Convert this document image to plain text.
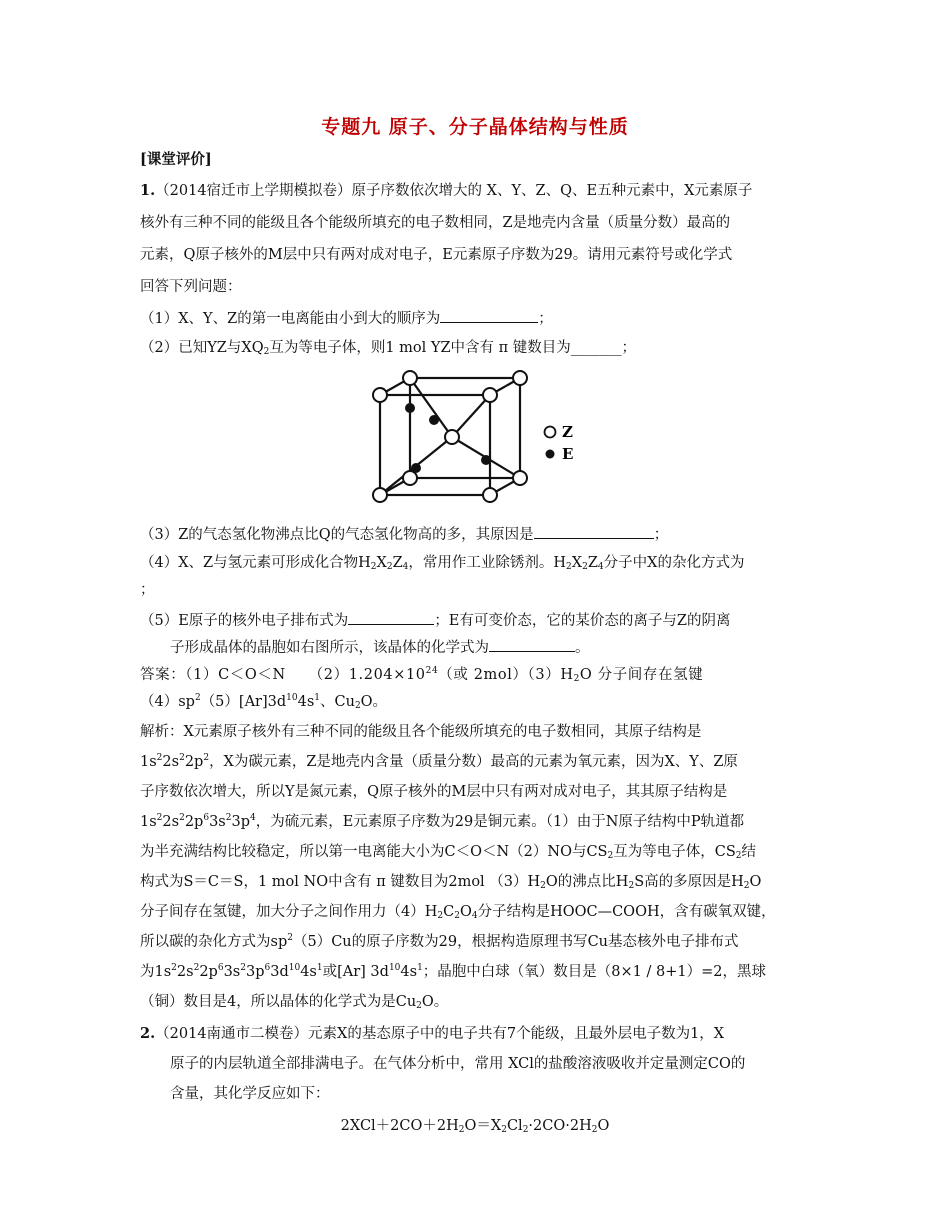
专题九 原子、分子晶体结构与性质
[课堂评价]
1.（2014宿迁市上学期模拟卷）原子序数依次增大的 X、Y、Z、Q、E五种元素中，X元素原子
核外有三种不同的能级且各个能级所填充的电子数相同，Z是地壳内含量（质量分数）最高的
元素，Q原子核外的M层中只有两对成对电子，E元素原子序数为29。请用元素符号或化学式
回答下列问题：
（1）X、Y、Z的第一电离能由小到大的顺序为	；
（2）已知YZ与$XQ_2$互为等电子体，则1 mol YZ中含有 π 键数目为_______；
Z
E
（3）Z的气态氢化物沸点比Q的气态氢化物高的多，其原因是	；
（4）X、Z与氢元素可形成化合物$H_2X_2Z_4$，常用作工业除锈剂。$H_2X_2Z_4$分子中X的杂化方式为
；
（5）E原子的核外电子排布式为	；E有可变价态，它的某价态的离子与Z的阴离
子形成晶体的晶胞如右图所示，该晶体的化学式为	。
答案：（1）C＜O＜N　　$(2)1.204\times 10^{24}$（或 $2mol)(3)H_2O$ 分子间存在氢键
$(4)sp^2(5)[Ar]3d^{10}4s^1$、$Cu_2O$。
解析：X元素原子核外有三种不同的能级且各个能级所填充的电子数相同，其原子结构是
$1s^22s^22p^2$，X为碳元素，Z是地壳内含量（质量分数）最高的元素为氧元素，因为X、Y、Z原
子序数依次增大，所以Y是氮元素，Q原子核外的M层中只有两对成对电子，其其原子结构是
$1s^22s^22p^63s^23p^4$，为硫元素，E元素原子序数为29是铜元素。（1）由于N原子结构中P轨道都
为半充满结构比较稳定，所以第一电离能大小为C＜O＜N（2）NO与$CS_2$互为等电子体，$CS_2$结
构式为S＝C＝S，1 mol NO中含有 π 键数目为2mol $(3)H_2O$的沸点比$H_2S$高的多原因是$H_2O$
分子间存在氢键，加大分子之间作用力$(4)H_2C_2O_4$分子结构是HOOC—COOH，含有碳氧双键，
所以碳的杂化方式为$sp^2(5)Cu$的原子序数为29，根据构造原理书写Cu基态核外电子排布式
为$1s^22s^22p^63s^23p^63d^{10}4s^1$或[Ar] $3d^{10}4s^1$；晶胞中白球（氧）数目是（8×1 / 8+1）=2，黑球
（铜）数目是4，所以晶体的化学式为是$Cu_2O$。
2.（2014南通市二模卷）元素X的基态原子中的电子共有7个能级，且最外层电子数为1，X
原子的内层轨道全部排满电子。在气体分析中，常用 XCl的盐酸溶液吸收并定量测定CO的
含量，其化学反应如下：
$2XCl+2CO+2H_2O=X_2Cl_2\cdot 2CO\cdot 2H_2O$
